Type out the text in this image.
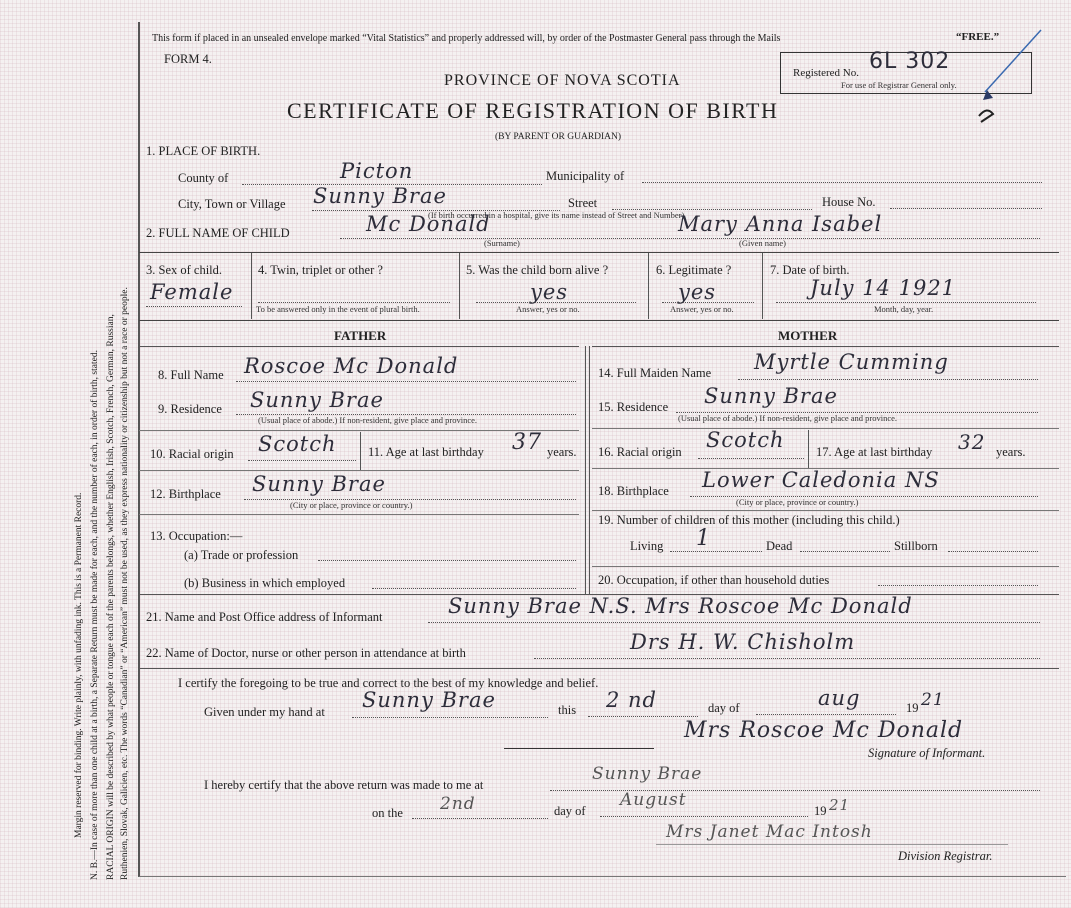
Margin reserved for binding. Write plainly, with unfading ink. This is a Permanent Record. N. B.—In case of more than one child at a birth, a Separate Return must be made for each, and the number of each, in order of birth, stated. RACIAL ORIGIN will be described by what people or tongue each of the parents belongs, whether English, Irish, Scotch, French, German, Russian, Ruthenien, Slovak, Galicien, etc. The words “Canadian” or “American” must not be used, as they express nationality or citizenship but not a race or people.
This form if placed in an unsealed envelope marked “Vital Statistics” and properly addressed will, by order of the Postmaster General pass through the Mails	“FREE.”
FORM 4.
PROVINCE OF NOVA SCOTIA
CERTIFICATE OF REGISTRATION OF BIRTH
(BY PARENT OR GUARDIAN)
Registered No. 6L 302
For use of Registrar General only.
1. PLACE OF BIRTH.
County of	Picton	Municipality of
City, Town or Village Sunny Brae	Street	House No.
(If birth occurred in a hospital, give its name instead of Street and Number)
2. FULL NAME OF CHILD	Mc Donald
(Surname)
Mary Anna Isabel
(Given name)
3. Sex of child.
Female
4. Twin, triplet or other ?
To be answered only in the event of plural birth.
5. Was the child born alive ?
yes
Answer, yes or no.
6. Legitimate ?
yes
Answer, yes or no.
7. Date of birth.
July 14 1921
Month, day, year.
FATHER	MOTHER
8. Full Name Roscoe Mc Donald
9. Residence Sunny Brae
(Usual place of abode.) If non-resident, give place and province.
10. Racial origin Scotch	11. Age at last birthday 37 years.
12. Birthplace Sunny Brae
(City or place, province or country.)
13. Occupation:—
(a) Trade or profession
(b) Business in which employed
14. Full Maiden Name Myrtle Cumming
15. Residence Sunny Brae
(Usual place of abode.) If non-resident, give place and province.
16. Racial origin Scotch	17. Age at last birthday 32 years.
18. Birthplace Lower Caledonia NS
(City or place, province or country.)
19. Number of children of this mother (including this child.)
Living 1	Dead	Stillborn
20. Occupation, if other than household duties
21. Name and Post Office address of Informant	Sunny Brae N.S. Mrs Roscoe Mc Donald
22. Name of Doctor, nurse or other person in attendance at birth	Drs H. W. Chisholm
I certify the foregoing to be true and correct to the best of my knowledge and belief.
Given under my hand at Sunny Brae	this 2 nd	day of	aug	19 21
Mrs Roscoe Mc Donald
Signature of Informant.
I hereby certify that the above return was made to me at
Sunny Brae
on the 2nd	day of
August
19 21
Mrs Janet Mac Intosh
Division Registrar.
